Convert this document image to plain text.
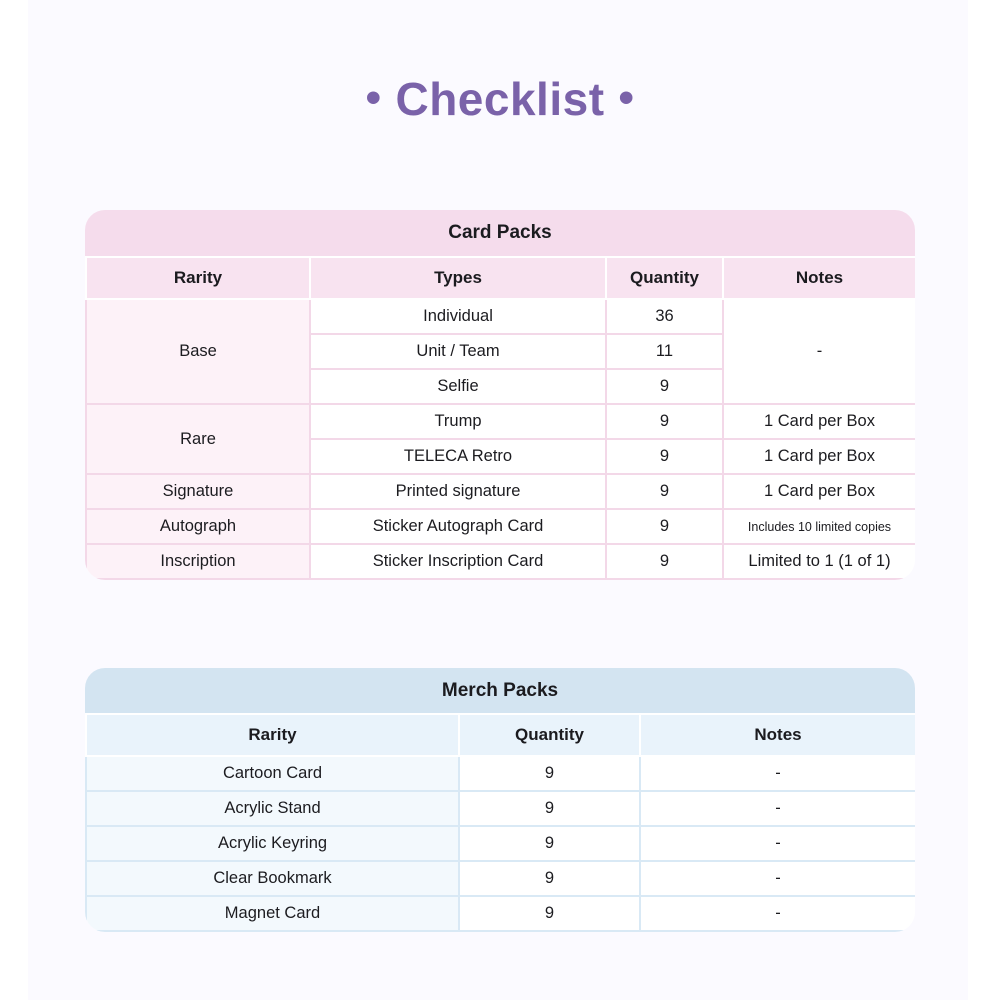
• Checklist •
Card Packs
Rarity	Types	Quantity	Notes
Base	Individual	36	-
	Unit / Team	11	
	Selfie	9	
Rare	Trump	9	1 Card per Box
	TELECA Retro	9	1 Card per Box
Signature	Printed signature	9	1 Card per Box
Autograph	Sticker Autograph Card	9	Includes 10 limited copies
Inscription	Sticker Inscription Card	9	Limited to 1 (1 of 1)
Merch Packs
Rarity	Quantity	Notes
Cartoon Card	9	-
Acrylic Stand	9	-
Acrylic Keyring	9	-
Clear Bookmark	9	-
Magnet Card	9	-
